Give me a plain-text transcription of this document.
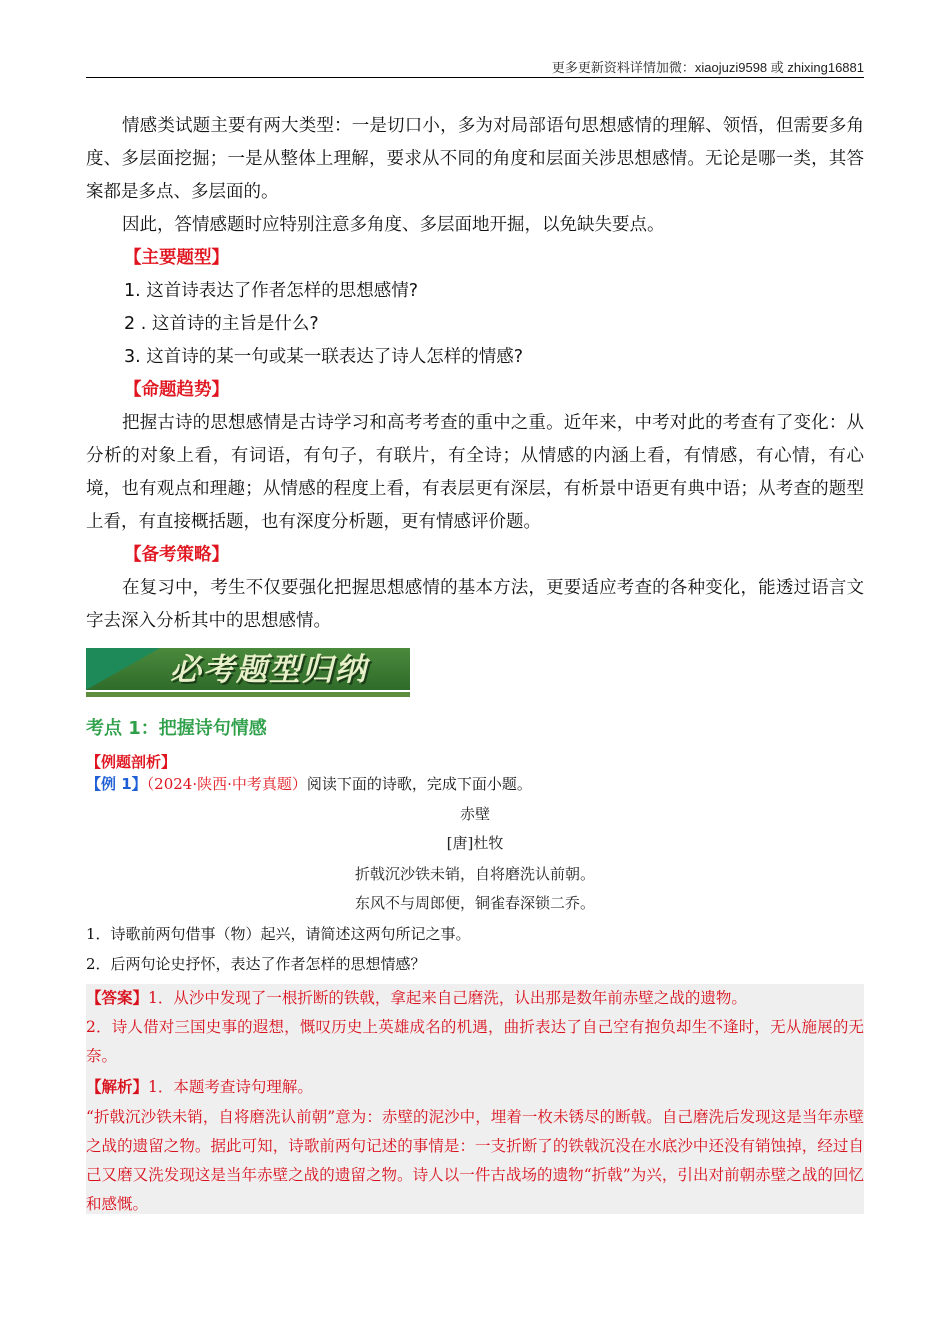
更多更新资料详情加微：xiaojuzi9598 或 zhixing16881

情感类试题主要有两大类型：一是切口小，多为对局部语句思想感情的理解、领悟，但需要多角度、多层面挖掘；一是从整体上理解，要求从不同的角度和层面关涉思想感情。无论是哪一类，其答案都是多点、多层面的。

因此，答情感题时应特别注意多角度、多层面地开掘，以免缺失要点。

【主要题型】
1. 这首诗表达了作者怎样的思想感情?
2 . 这首诗的主旨是什么?
3. 这首诗的某一句或某一联表达了诗人怎样的情感?
【命题趋势】

把握古诗的思想感情是古诗学习和高考考查的重中之重。近年来，中考对此的考查有了变化：从分析的对象上看，有词语，有句子，有联片，有全诗；从情感的内涵上看，有情感，有心情，有心境，也有观点和理趣；从情感的程度上看，有表层更有深层，有析景中语更有典中语；从考查的题型上看，有直接概括题，也有深度分析题，更有情感评价题。

【备考策略】

在复习中，考生不仅要强化把握思想感情的基本方法，更要适应考查的各种变化，能透过语言文字去深入分析其中的思想感情。

必考题型归纳
考点 1：把握诗句情感
【例题剖析】
【例 1】（2024·陕西·中考真题）阅读下面的诗歌，完成下面小题。
赤壁
[唐]杜牧
折戟沉沙铁未销，自将磨洗认前朝。
东风不与周郎便，铜雀春深锁二乔。
1．诗歌前两句借事（物）起兴，请简述这两句所记之事。
2．后两句论史抒怀，表达了作者怎样的思想情感？

【答案】1．从沙中发现了一根折断的铁戟，拿起来自己磨洗，认出那是数年前赤壁之战的遗物。

2．诗人借对三国史事的遐想，慨叹历史上英雄成名的机遇，曲折表达了自己空有抱负却生不逢时，无从施展的无奈。

【解析】1．本题考查诗句理解。

“折戟沉沙铁未销，自将磨洗认前朝”意为：赤壁的泥沙中，埋着一枚未锈尽的断戟。自己磨洗后发现这是当年赤壁之战的遗留之物。据此可知，诗歌前两句记述的事情是：一支折断了的铁戟沉没在水底沙中还没有销蚀掉，经过自己又磨又洗发现这是当年赤壁之战的遗留之物。诗人以一件古战场的遗物“折戟”为兴，引出对前朝赤壁之战的回忆和感慨。
